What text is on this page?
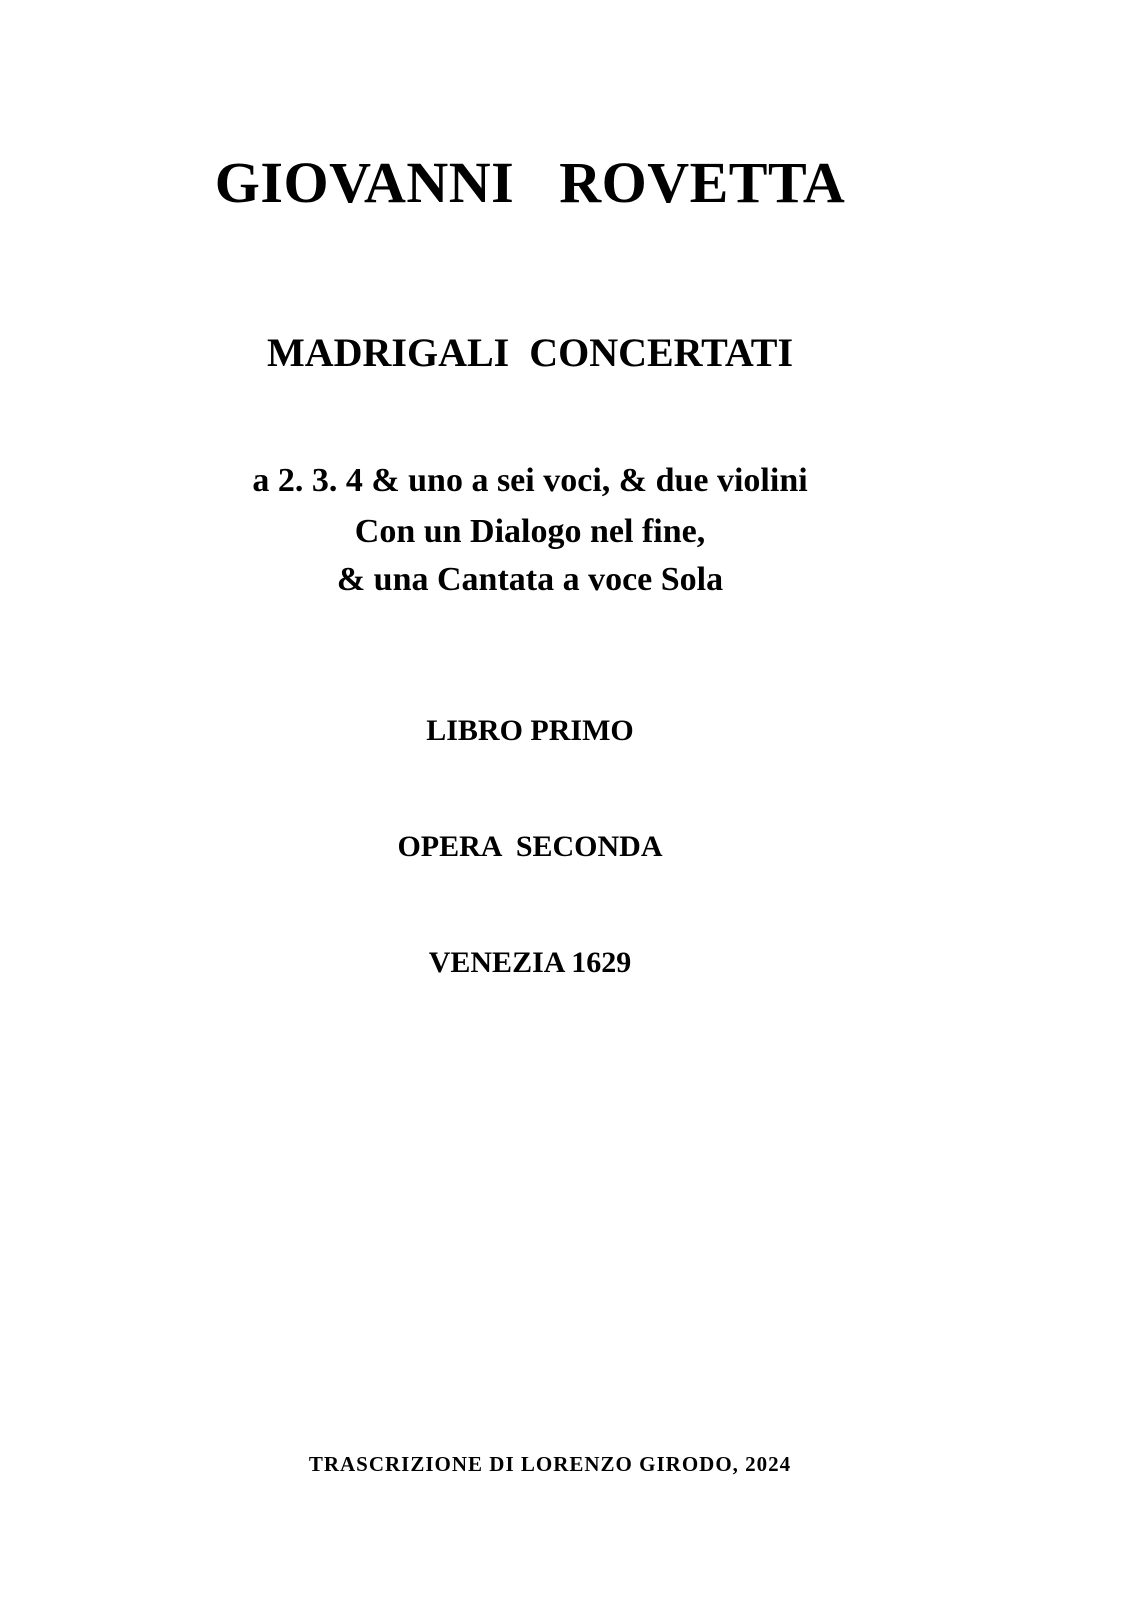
GIOVANNI   ROVETTA
MADRIGALI  CONCERTATI
a 2. 3. 4 & uno a sei voci, & due violini
Con un Dialogo nel fine,
& una Cantata a voce Sola
LIBRO PRIMO
OPERA  SECONDA
VENEZIA 1629
TRASCRIZIONE DI LORENZO GIRODO, 2024
